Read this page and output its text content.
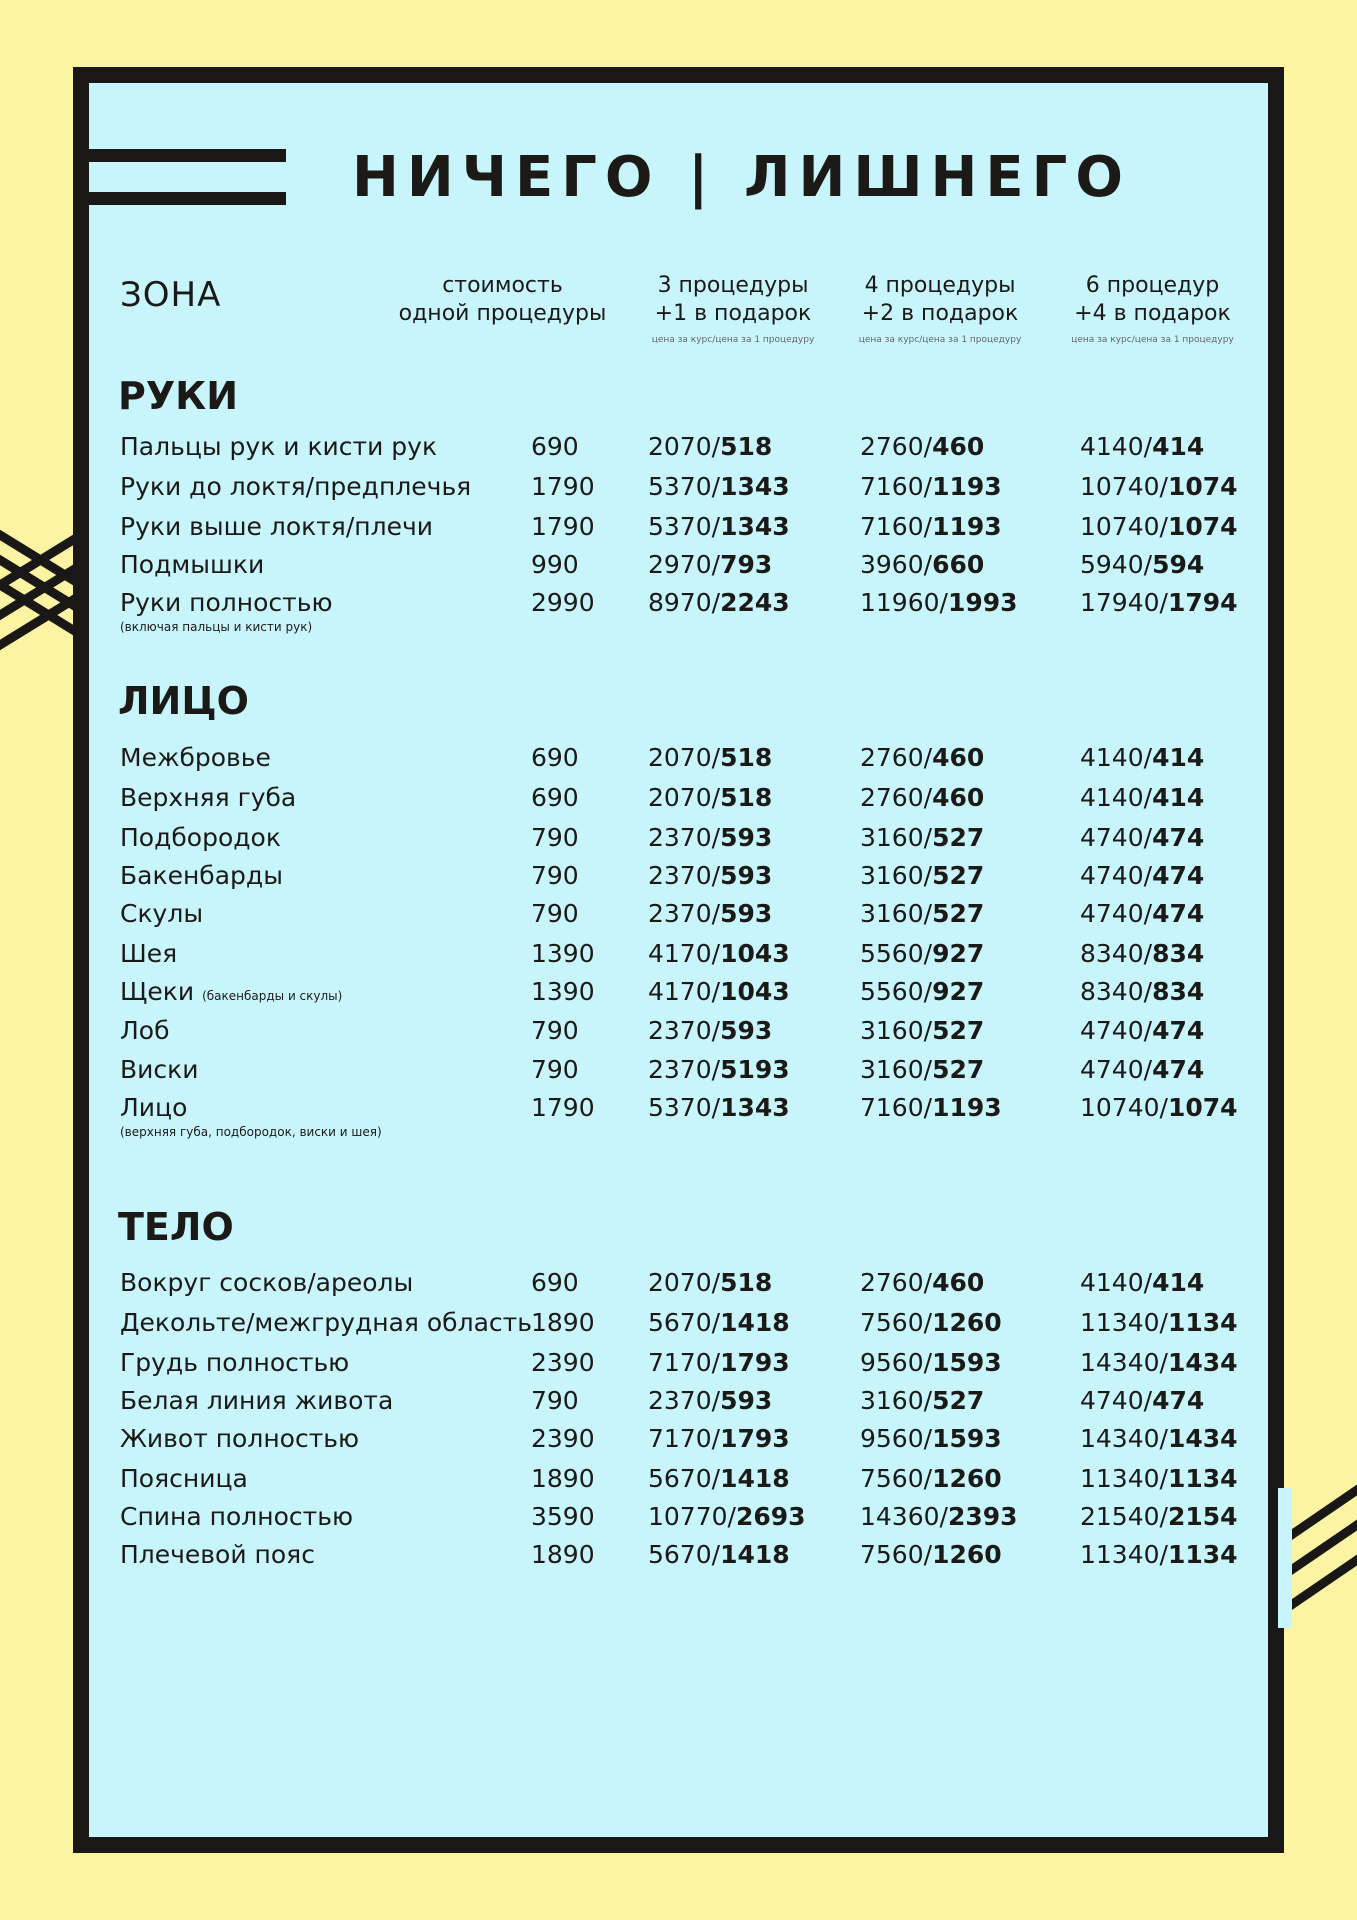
НИЧЕГО | ЛИШНЕГО
ЗОНА	стоимость
одной процедуры
3 процедуры
+1 в подарок
цена за курс/цена за 1 процедуру
4 процедуры
+2 в подарок
цена за курс/цена за 1 процедуру
6 процедур
+4 в подарок
цена за курс/цена за 1 процедуру
РУКИ
ЛИЦО
ТЕЛО
Пальцы рук и кисти рук	690	2070/518	2760/460	4140/414
Руки до локтя/предплечья 1790 5370/1343	7160/1193	10740/1074
Руки выше локтя/плечи	1790 5370/1343	7160/1193	10740/1074
Подмышки	990	2970/793	3960/660	5940/594
Руки полностью	2990 8970/2243	11960/1993 17940/1794
(включая пальцы и кисти рук)
Межбровье	690	2070/518	2760/460	4140/414
Верхняя губа	690	2070/518	2760/460	4140/414
Подбородок	790	2370/593	3160/527	4740/474
Бакенбарды	790	2370/593	3160/527	4740/474
Скулы	790	2370/593	3160/527	4740/474
Шея	1390 4170/1043	5560/927	8340/834
Щеки (бакенбарды и скулы)	1390 4170/1043	5560/927	8340/834
Лоб	790	2370/593	3160/527	4740/474
Виски	790	2370/5193	3160/527	4740/474
Лицо	1790 5370/1343	7160/1193	10740/1074
(верхняя губа, подбородок, виски и шея)
Вокруг сосков/ареолы	690	2070/518	2760/460	4140/414
Декольте/межгрудная область 1890 5670/1418	7560/1260	11340/1134
Грудь полностью	2390 7170/1793	9560/1593	14340/1434
Белая линия живота	790	2370/593	3160/527	4740/474
Живот полностью	2390 7170/1793	9560/1593	14340/1434
Поясница	1890 5670/1418	7560/1260	11340/1134
Спина полностью	3590 10770/2693 14360/2393 21540/2154
Плечевой пояс	1890 5670/1418	7560/1260	11340/1134
